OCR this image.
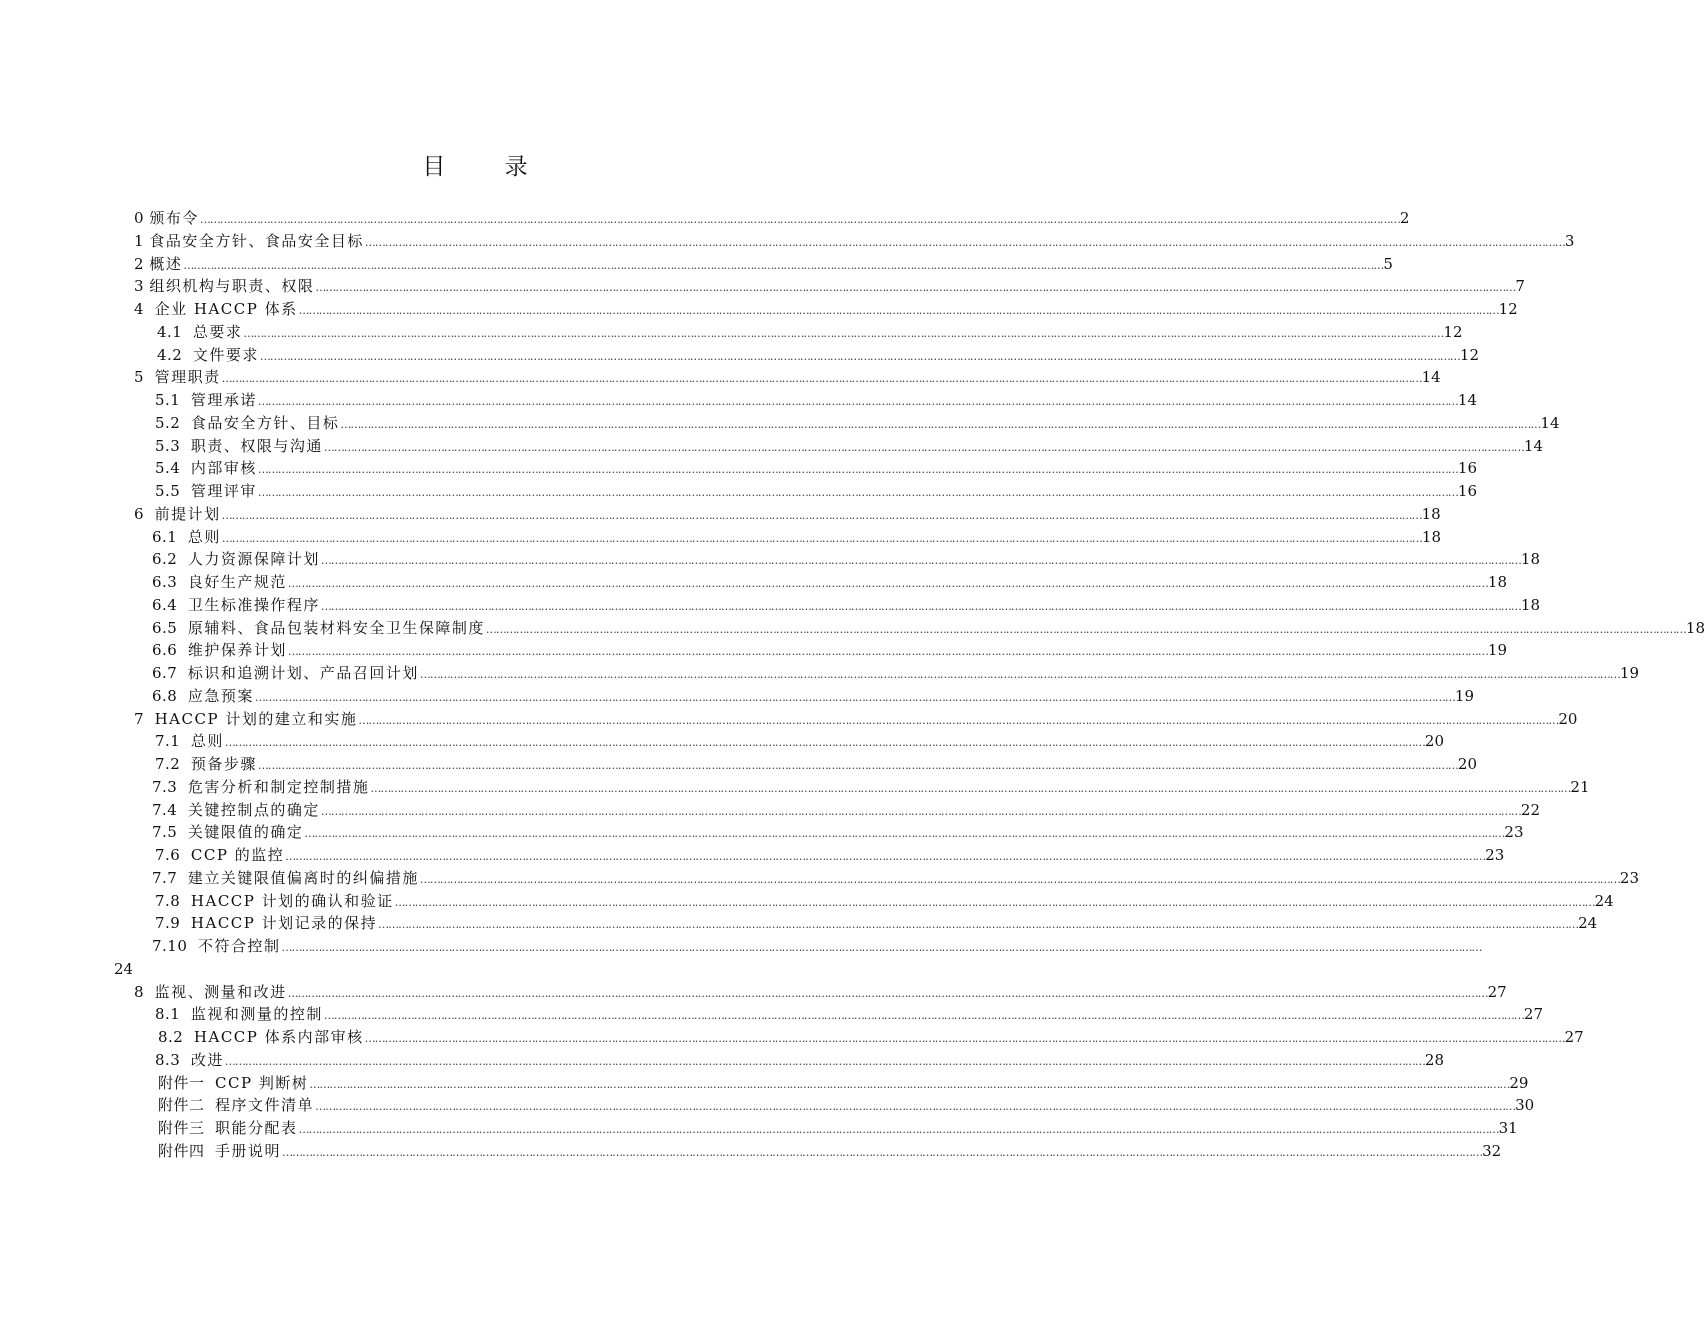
目 录
0 颁布令 ……………………………………………………………………………………………………………………………………………………………………………………………………………………………………………………………………………………………………………………………… 2
1 食品安全方针、食品安全目标 ……………………………………………………………………………………………………………………………………………………………………………………………………………………………………………………………………………………………………………………………… 3
2 概述 ……………………………………………………………………………………………………………………………………………………………………………………………………………………………………………………………………………………………………………………………… 5
3 组织机构与职责、权限 ……………………………………………………………………………………………………………………………………………………………………………………………………………………………………………………………………………………………………………………………… 7
4 企业 HACCP 体系 ……………………………………………………………………………………………………………………………………………………………………………………………………………………………………………………………………………………………………………………………… 12
4.1 总要求 ……………………………………………………………………………………………………………………………………………………………………………………………………………………………………………………………………………………………………………………………… 12
4.2 文件要求 ……………………………………………………………………………………………………………………………………………………………………………………………………………………………………………………………………………………………………………………………… 12
5 管理职责 ……………………………………………………………………………………………………………………………………………………………………………………………………………………………………………………………………………………………………………………………… 14
5.1 管理承诺 ……………………………………………………………………………………………………………………………………………………………………………………………………………………………………………………………………………………………………………………………… 14
5.2 食品安全方针、目标 ……………………………………………………………………………………………………………………………………………………………………………………………………………………………………………………………………………………………………………………………… 14
5.3 职责、权限与沟通 ……………………………………………………………………………………………………………………………………………………………………………………………………………………………………………………………………………………………………………………………… 14
5.4 内部审核 ……………………………………………………………………………………………………………………………………………………………………………………………………………………………………………………………………………………………………………………………… 16
5.5 管理评审 ……………………………………………………………………………………………………………………………………………………………………………………………………………………………………………………………………………………………………………………………… 16
6 前提计划 ……………………………………………………………………………………………………………………………………………………………………………………………………………………………………………………………………………………………………………………………… 18
6.1 总则 ……………………………………………………………………………………………………………………………………………………………………………………………………………………………………………………………………………………………………………………………… 18
6.2 人力资源保障计划 ……………………………………………………………………………………………………………………………………………………………………………………………………………………………………………………………………………………………………………………………… 18
6.3 良好生产规范 ……………………………………………………………………………………………………………………………………………………………………………………………………………………………………………………………………………………………………………………………… 18
6.4 卫生标准操作程序 ……………………………………………………………………………………………………………………………………………………………………………………………………………………………………………………………………………………………………………………………… 18
6.5 原辅料、食品包装材料安全卫生保障制度 ……………………………………………………………………………………………………………………………………………………………………………………………………………………………………………………………………………………………………………………………… 18
6.6 维护保养计划 ……………………………………………………………………………………………………………………………………………………………………………………………………………………………………………………………………………………………………………………………… 19
6.7 标识和追溯计划、产品召回计划 ……………………………………………………………………………………………………………………………………………………………………………………………………………………………………………………………………………………………………………………………… 19
6.8 应急预案 ……………………………………………………………………………………………………………………………………………………………………………………………………………………………………………………………………………………………………………………………… 19
7 HACCP 计划的建立和实施 ……………………………………………………………………………………………………………………………………………………………………………………………………………………………………………………………………………………………………………………………… 20
7.1 总则 ……………………………………………………………………………………………………………………………………………………………………………………………………………………………………………………………………………………………………………………………… 20
7.2 预备步骤 ……………………………………………………………………………………………………………………………………………………………………………………………………………………………………………………………………………………………………………………………… 20
7.3 危害分析和制定控制措施 ……………………………………………………………………………………………………………………………………………………………………………………………………………………………………………………………………………………………………………………………… 21
7.4 关键控制点的确定 ……………………………………………………………………………………………………………………………………………………………………………………………………………………………………………………………………………………………………………………………… 22
7.5 关键限值的确定 ……………………………………………………………………………………………………………………………………………………………………………………………………………………………………………………………………………………………………………………………… 23
7.6 CCP 的监控 ……………………………………………………………………………………………………………………………………………………………………………………………………………………………………………………………………………………………………………………………… 23
7.7 建立关键限值偏离时的纠偏措施 ……………………………………………………………………………………………………………………………………………………………………………………………………………………………………………………………………………………………………………………………… 23
7.8 HACCP 计划的确认和验证 ……………………………………………………………………………………………………………………………………………………………………………………………………………………………………………………………………………………………………………………………… 24
7.9 HACCP 计划记录的保持 ……………………………………………………………………………………………………………………………………………………………………………………………………………………………………………………………………………………………………………………………… 24
7.10 不符合控制 ………………………………………………………………………………………………………………………………………………………………………………………………………………………………………………………………………………………………………………………………
24
8 监视、测量和改进 ……………………………………………………………………………………………………………………………………………………………………………………………………………………………………………………………………………………………………………………………… 27
8.1 监视和测量的控制 ……………………………………………………………………………………………………………………………………………………………………………………………………………………………………………………………………………………………………………………………… 27
8.2 HACCP 体系内部审核 ……………………………………………………………………………………………………………………………………………………………………………………………………………………………………………………………………………………………………………………………… 27
8.3 改进 ……………………………………………………………………………………………………………………………………………………………………………………………………………………………………………………………………………………………………………………………… 28
附件一 CCP 判断树 ……………………………………………………………………………………………………………………………………………………………………………………………………………………………………………………………………………………………………………………………… 29
附件二 程序文件清单 ……………………………………………………………………………………………………………………………………………………………………………………………………………………………………………………………………………………………………………………………… 30
附件三 职能分配表 ……………………………………………………………………………………………………………………………………………………………………………………………………………………………………………………………………………………………………………………………… 31
附件四 手册说明 ……………………………………………………………………………………………………………………………………………………………………………………………………………………………………………………………………………………………………………………………… 32
